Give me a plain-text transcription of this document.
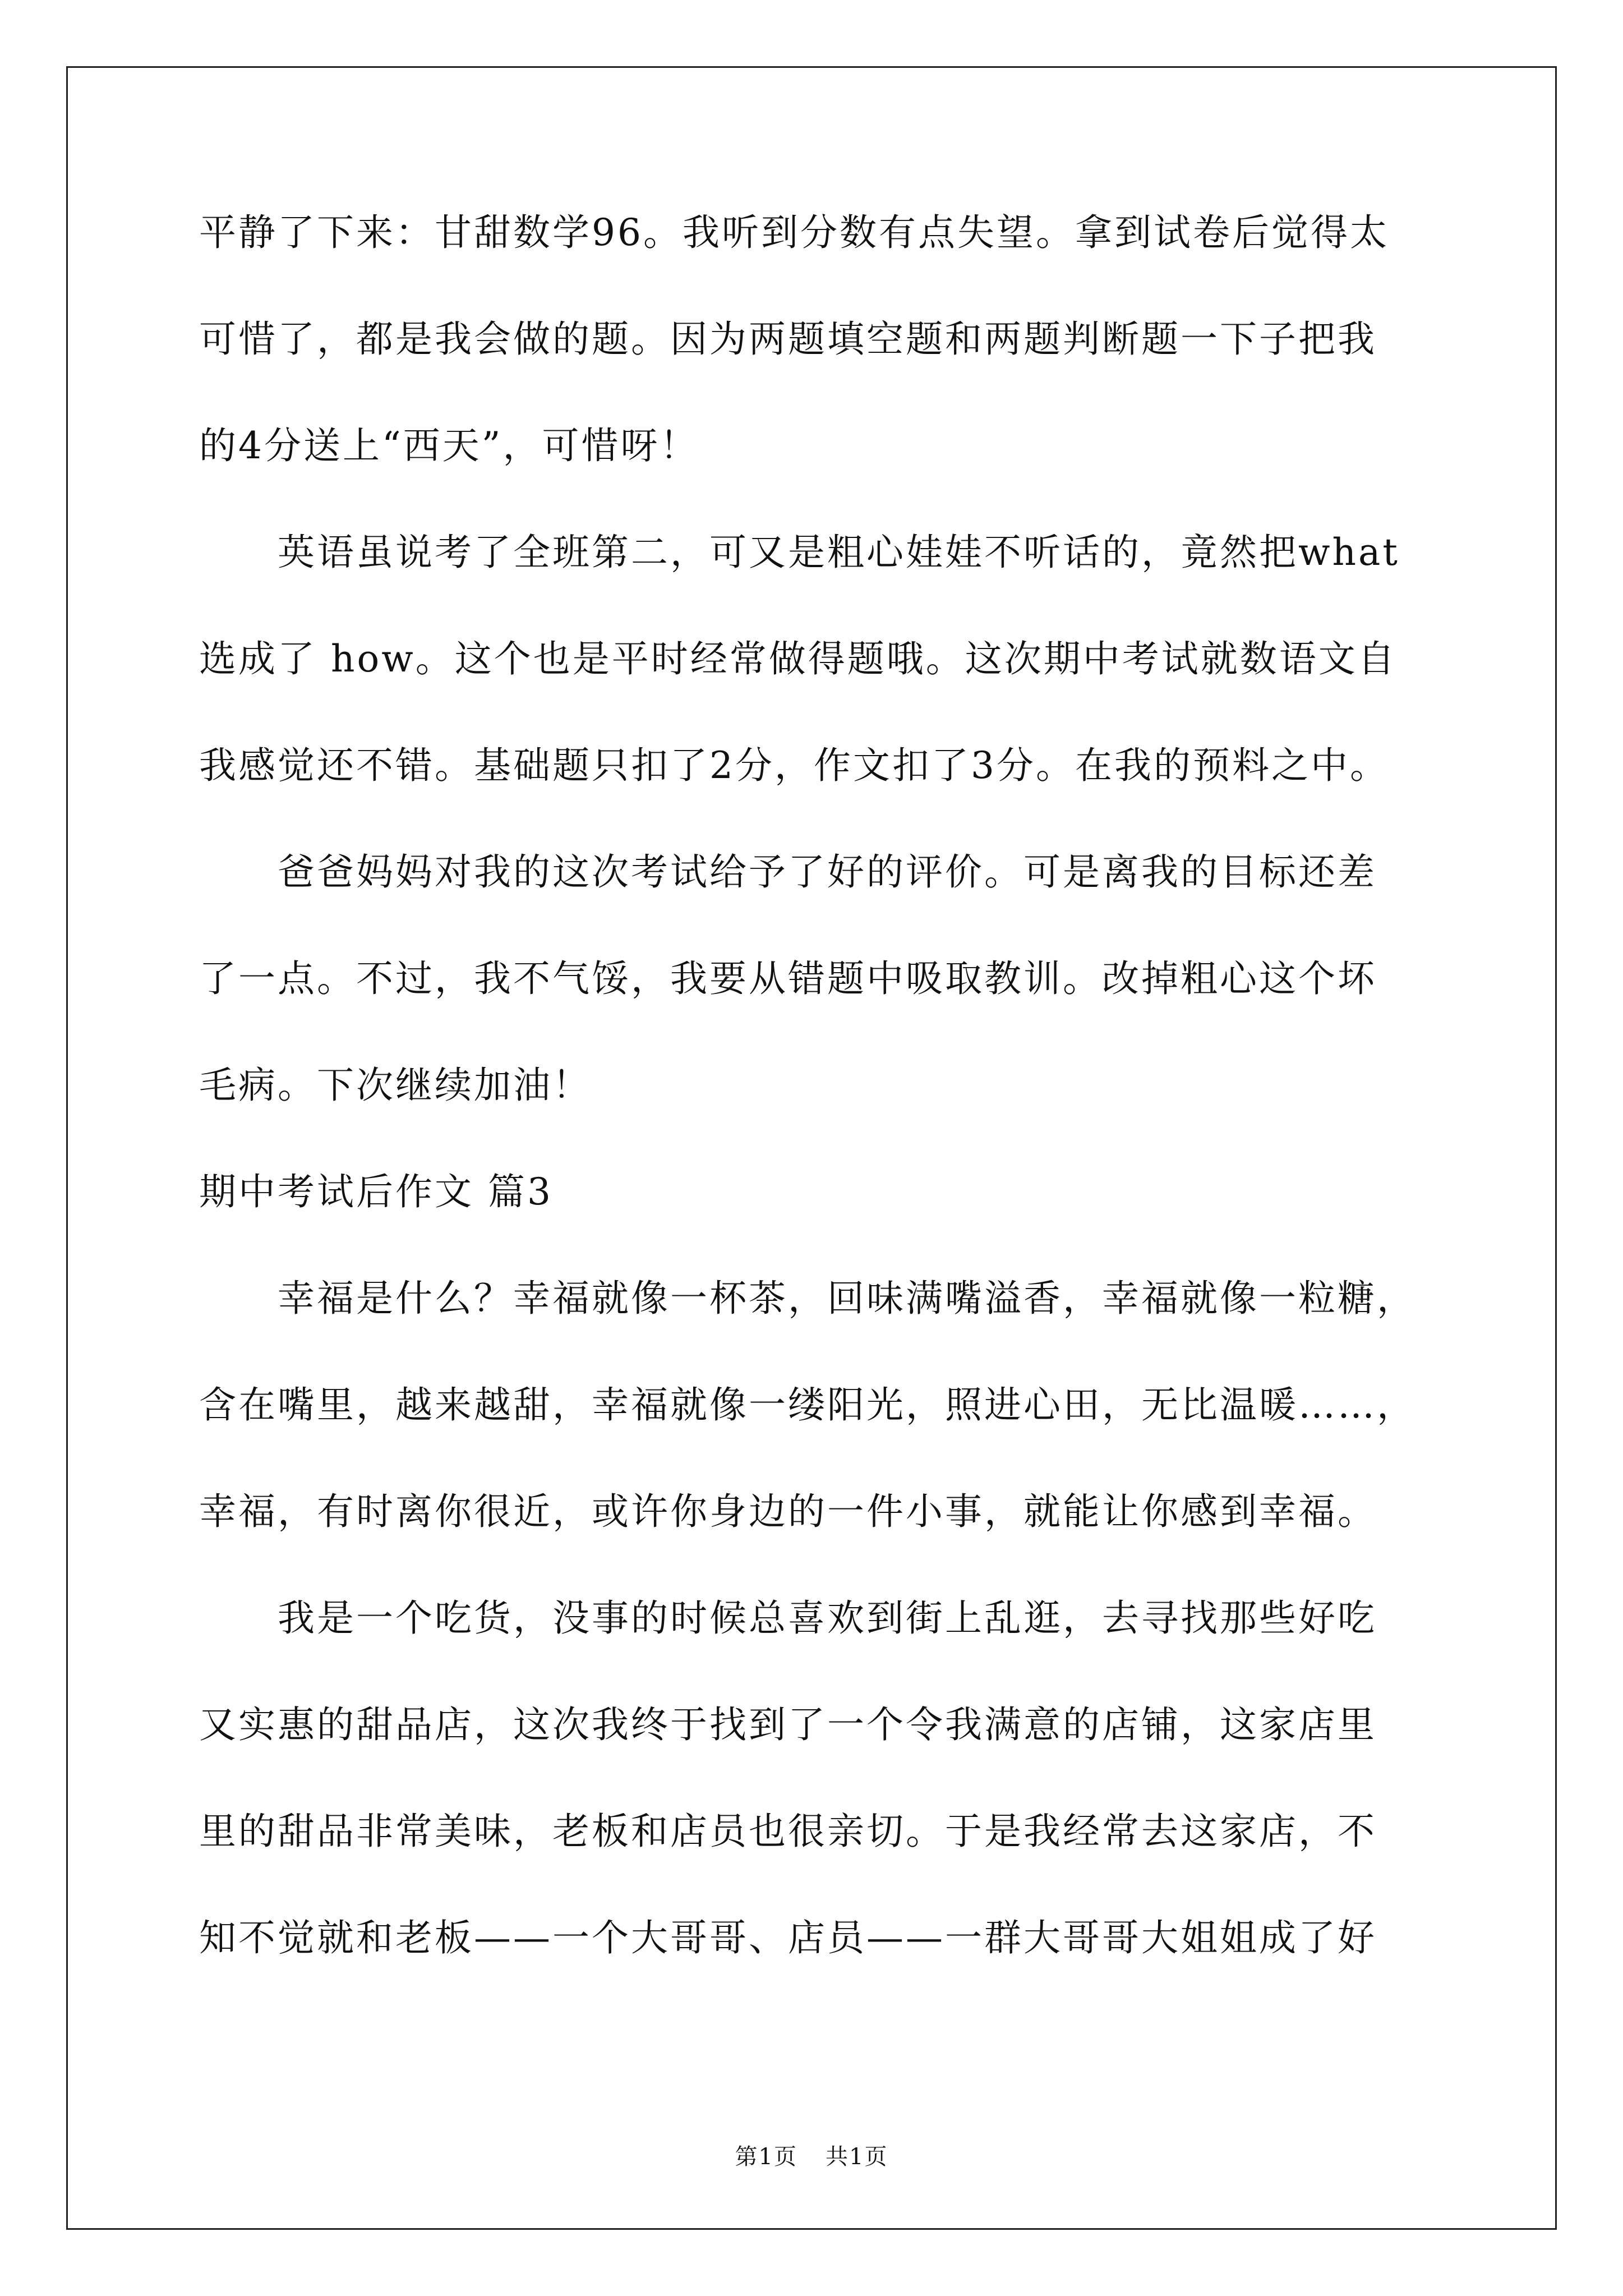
平静了下来：甘甜数学96。我听到分数有点失望。拿到试卷后觉得太
可惜了，都是我会做的题。因为两题填空题和两题判断题一下子把我
的4分送上“西天”，可惜呀！
英语虽说考了全班第二，可又是粗心娃娃不听话的，竟然把what
选成了 how。这个也是平时经常做得题哦。这次期中考试就数语文自
我感觉还不错。基础题只扣了2分，作文扣了3分。在我的预料之中。
爸爸妈妈对我的这次考试给予了好的评价。可是离我的目标还差
了一点。不过，我不气馁，我要从错题中吸取教训。改掉粗心这个坏
毛病。下次继续加油！
期中考试后作文 篇3
幸福是什么？幸福就像一杯茶，回味满嘴溢香，幸福就像一粒糖，
含在嘴里，越来越甜，幸福就像一缕阳光，照进心田，无比温暖……，
幸福，有时离你很近，或许你身边的一件小事，就能让你感到幸福。
我是一个吃货，没事的时候总喜欢到街上乱逛，去寻找那些好吃
又实惠的甜品店，这次我终于找到了一个令我满意的店铺，这家店里
里的甜品非常美味，老板和店员也很亲切。于是我经常去这家店，不
知不觉就和老板——一个大哥哥、店员——一群大哥哥大姐姐成了好
第1页 共1页
